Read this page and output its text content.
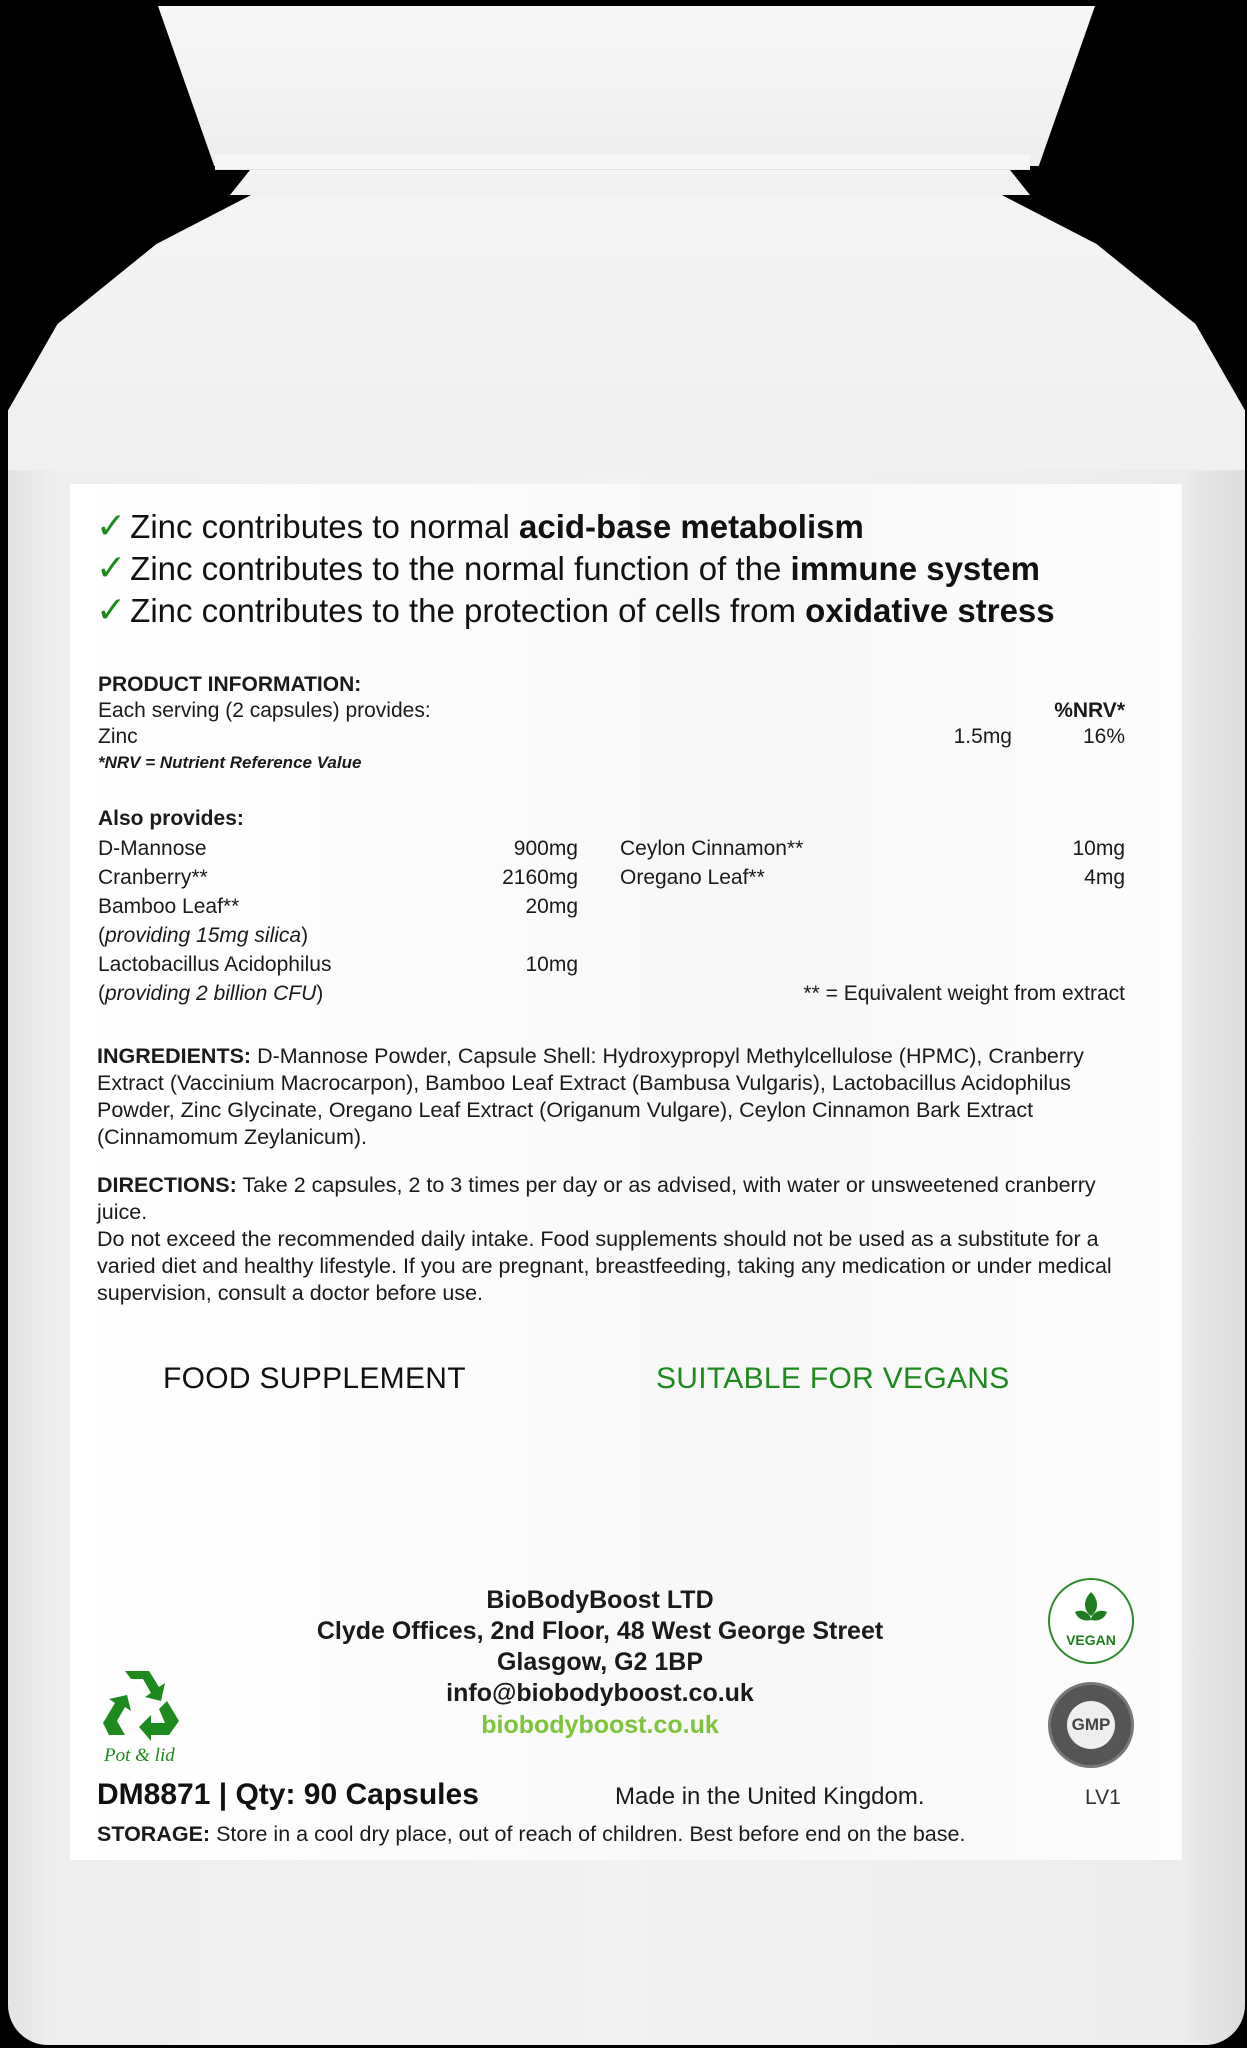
✓ Zinc contributes to normal acid-base metabolism
✓ Zinc contributes to the normal function of the immune system
✓ Zinc contributes to the protection of cells from oxidative stress
PRODUCT INFORMATION:
Each serving (2 capsules) provides:	%NRV*
Zinc	1.5mg	16%
*NRV = Nutrient Reference Value
Also provides:
D-Mannose	900mg
Cranberry**	2160mg
Bamboo Leaf**	20mg
(providing 15mg silica)
Lactobacillus Acidophilus	10mg
(providing 2 billion CFU)
Ceylon Cinnamon**	10mg
Oregano Leaf**	4mg
** = Equivalent weight from extract
INGREDIENTS: D-Mannose Powder, Capsule Shell: Hydroxypropyl Methylcellulose (HPMC), Cranberry Extract (Vaccinium Macrocarpon), Bamboo Leaf Extract (Bambusa Vulgaris), Lactobacillus Acidophilus Powder, Zinc Glycinate, Oregano Leaf Extract (Origanum Vulgare), Ceylon Cinnamon Bark Extract (Cinnamomum Zeylanicum).
DIRECTIONS: Take 2 capsules, 2 to 3 times per day or as advised, with water or unsweetened cranberry juice.
Do not exceed the recommended daily intake. Food supplements should not be used as a substitute for a varied diet and healthy lifestyle. If you are pregnant, breastfeeding, taking any medication or under medical supervision, consult a doctor before use.
FOOD SUPPLEMENT	SUITABLE FOR VEGANS
BioBodyBoost LTD
Clyde Offices, 2nd Floor, 48 West George Street
Glasgow, G2 1BP
info@biobodyboost.co.uk
biobodyboost.co.uk
Pot & lid
VEGAN
GMP
DM8871 | Qty: 90 Capsules	Made in the United Kingdom.	LV1
STORAGE: Store in a cool dry place, out of reach of children. Best before end on the base.
